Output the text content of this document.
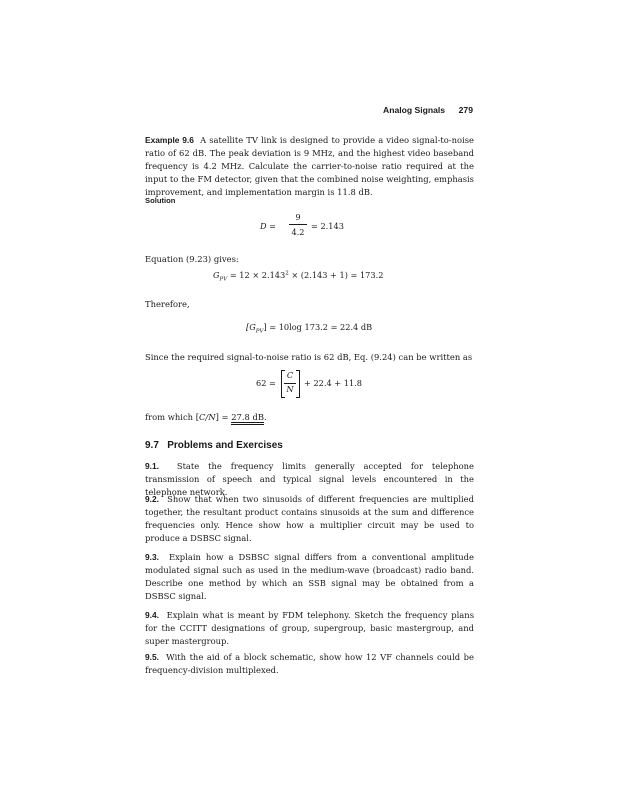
Analog Signals 279
Example 9.6 A satellite TV link is designed to provide a video signal-to-noise ratio of 62 dB. The peak deviation is 9 MHz, and the highest video baseband frequency is 4.2 MHz. Calculate the carrier-to-noise ratio required at the input to the FM detector, given that the combined noise weighting, emphasis improvement, and implementation margin is 11.8 dB.
Solution
D =
9
4.2
= 2.143
Equation (9.23) gives:
$G_{PV} = 12 \times 2.143^2 \times (2.143 + 1) = 173.2$
Therefore,
$[G_{PV}] = 10\log$ 173.2 = 22.4 dB
Since the required signal-to-noise ratio is 62 dB, Eq. (9.24) can be written as
62 =
C
N
+ 22.4 + 11.8
from which [C/N] = 27.8 dB.
9.7 Problems and Exercises
9.1. State the frequency limits generally accepted for telephone transmission of speech and typical signal levels encountered in the telephone network.
9.2. Show that when two sinusoids of different frequencies are multiplied together, the resultant product contains sinusoids at the sum and difference frequencies only. Hence show how a multiplier circuit may be used to produce a DSBSC signal.
9.3. Explain how a DSBSC signal differs from a conventional amplitude modulated signal such as used in the medium-wave (broadcast) radio band. Describe one method by which an SSB signal may be obtained from a DSBSC signal.
9.4. Explain what is meant by FDM telephony. Sketch the frequency plans for the CCITT designations of group, supergroup, basic mastergroup, and super mastergroup.
9.5. With the aid of a block schematic, show how 12 VF channels could be frequency-division multiplexed.
